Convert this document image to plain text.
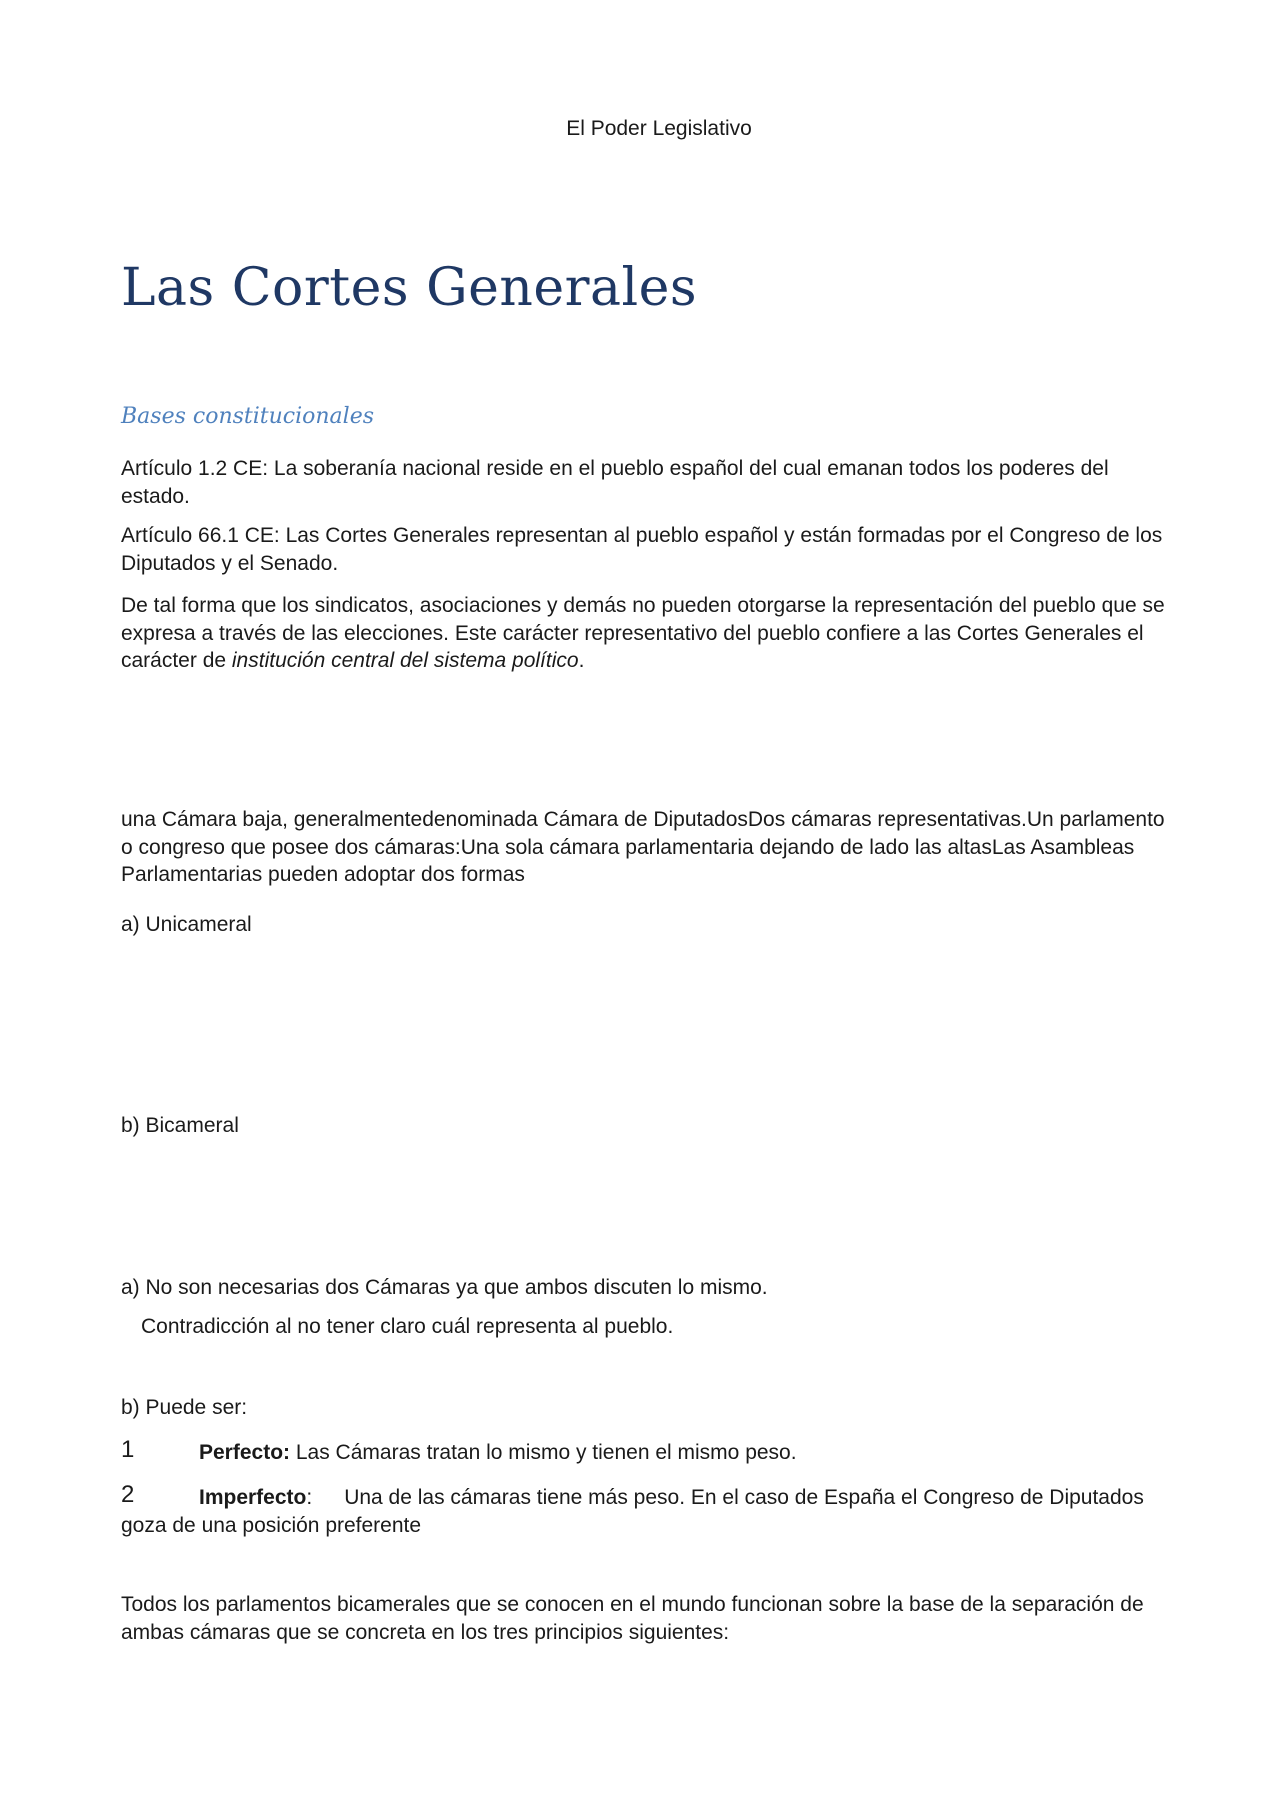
El Poder Legislativo

Las Cortes Generales
Bases constitucionales

Artículo 1.2 CE: La soberanía nacional reside en el pueblo español del cual emanan todos los poderes del estado.

Artículo 66.1 CE: Las Cortes Generales representan al pueblo español y están formadas por el Congreso de los Diputados y el Senado.

De tal forma que los sindicatos, asociaciones y demás no pueden otorgarse la representación del pueblo que se expresa a través de las elecciones. Este carácter representativo del pueblo confiere a las Cortes Generales el carácter de institución central del sistema político.

una Cámara baja, generalmentedenominada Cámara de DiputadosDos cámaras representativas.Un parlamento o congreso que posee dos cámaras:Una sola cámara parlamentaria dejando de lado las altasLas Asambleas Parlamentarias pueden adoptar dos formas

a) Unicameral

b) Bicameral

a) No son necesarias dos Cámaras ya que ambos discuten lo mismo.

Contradicción al no tener claro cuál representa al pueblo.

b) Puede ser:

1	Perfecto: Las Cámaras tratan lo mismo y tienen el mismo peso.

2	Imperfecto: Una de las cámaras tiene más peso. En el caso de España el Congreso de Diputados

goza de una posición preferente

Todos los parlamentos bicamerales que se conocen en el mundo funcionan sobre la base de la separación de ambas cámaras que se concreta en los tres principios siguientes:
